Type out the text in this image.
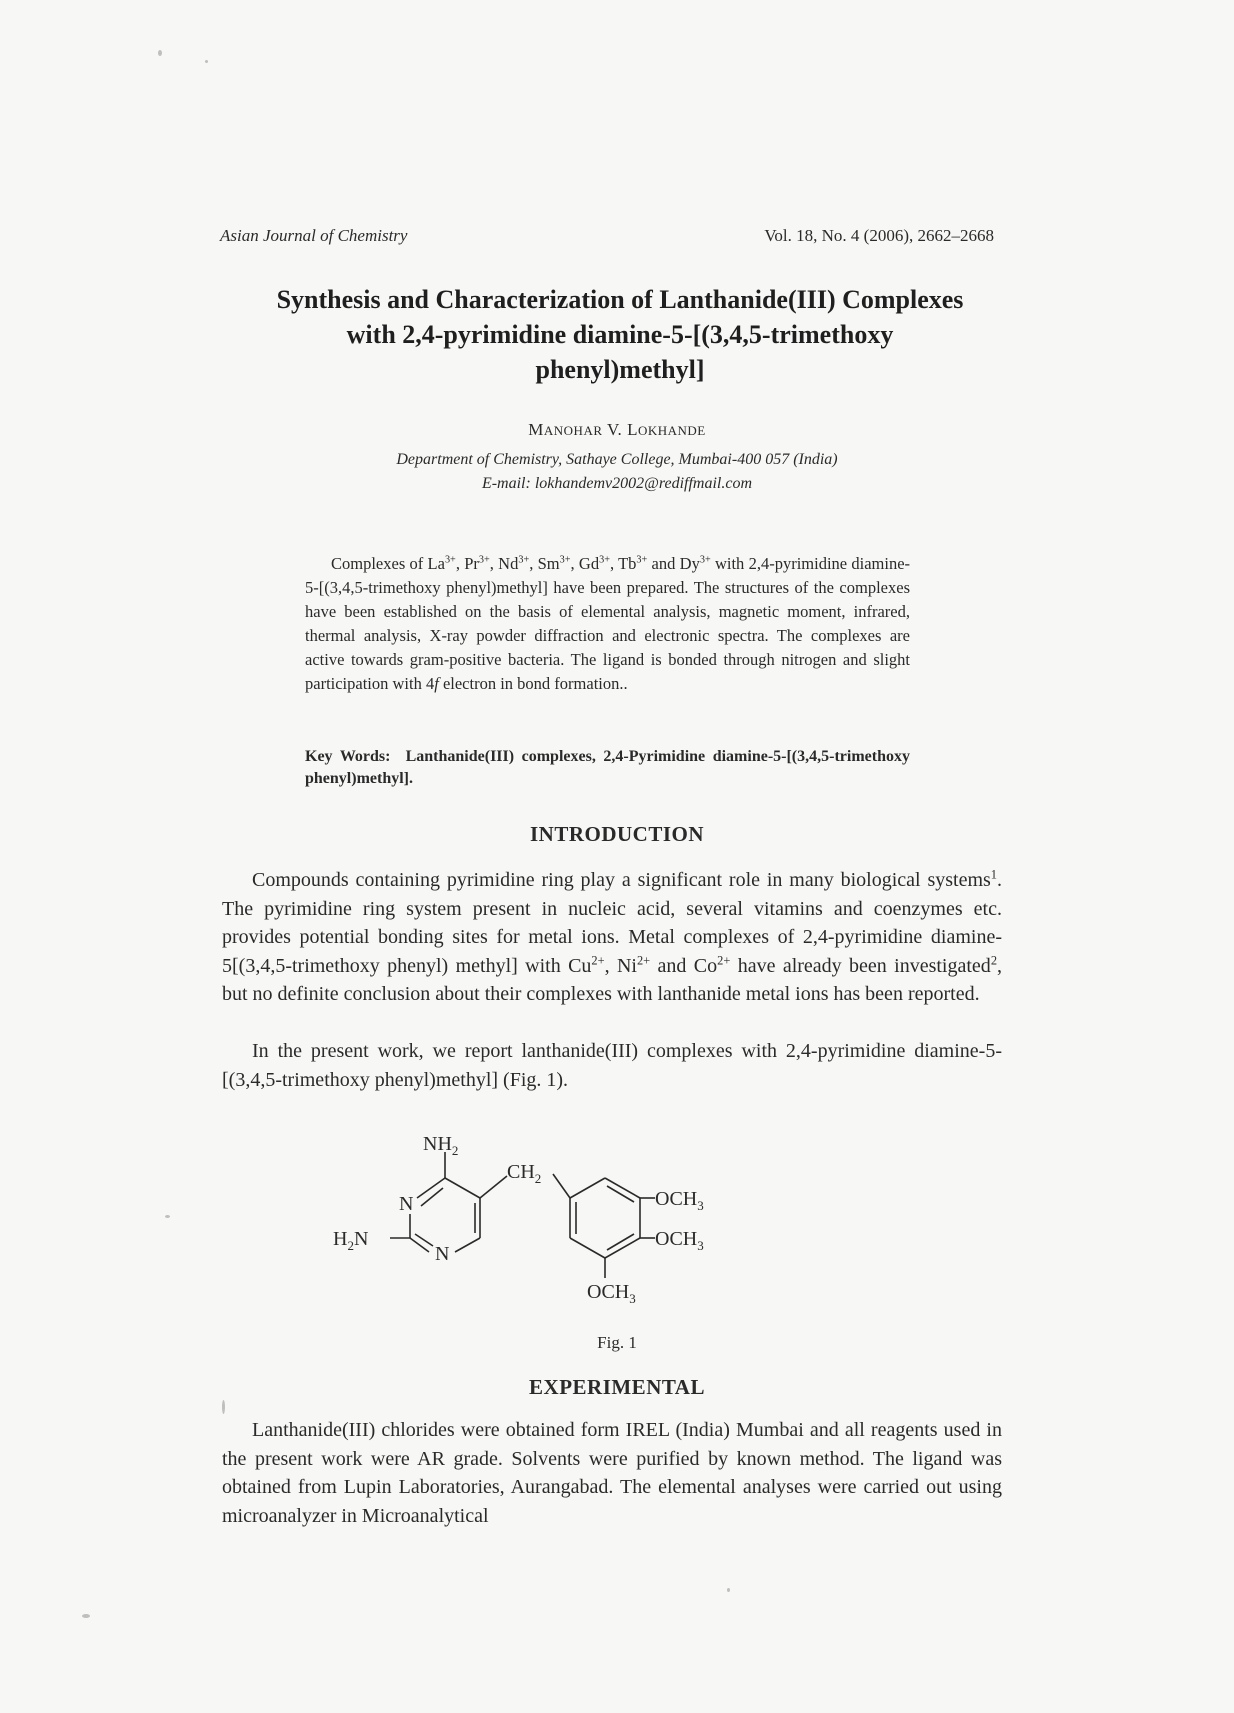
Asian Journal of Chemistry	Vol. 18, No. 4 (2006), 2662–2668
Synthesis and Characterization of Lanthanide(III) Complexes
with 2,4-pyrimidine diamine-5-[(3,4,5-trimethoxy
phenyl)methyl]
MANOHAR V. LOKHANDE
Department of Chemistry, Sathaye College, Mumbai-400 057 (India)
E-mail: lokhandemv2002@rediffmail.com
Complexes of $La^{3+}$, $Pr^{3+}$, $Nd^{3+}$, $Sm^{3+}$, $Gd^{3+}$, $Tb^{3+}$ and $Dy^{3+}$ with 2,4-pyrimidine diamine-5-[(3,4,5-trimethoxy phenyl)methyl] have been prepared. The structures of the complexes have been established on the basis of elemental analysis, magnetic moment, infrared, thermal analysis, X-ray powder diffraction and electronic spectra. The complexes are active towards gram-positive bacteria. The ligand is bonded through nitrogen and slight participation with 4f electron in bond formation..
Key Words: Lanthanide(III) complexes, 2,4-Pyrimidine diamine-5-[(3,4,5-trimethoxy phenyl)methyl].
INTRODUCTION
Compounds containing pyrimidine ring play a significant role in many biological systems$^1$. The pyrimidine ring system present in nucleic acid, several vitamins and coenzymes etc. provides potential bonding sites for metal ions. Metal complexes of 2,4-pyrimidine diamine-5[(3,4,5-trimethoxy phenyl) methyl] with $Cu^{2+}$, $Ni^{2+}$ and $Co^{2+}$ have already been investigated$^2$, but no definite conclusion about their complexes with lanthanide metal ions has been reported.
In the present work, we report lanthanide(III) complexes with 2,4-pyrimidine diamine-5-[(3,4,5-trimethoxy phenyl)methyl] (Fig. 1).
$NH_2$
$H_2N$
N
N
$CH_2$
$OCH_3$
$OCH_3$
$OCH_3$
Fig. 1
EXPERIMENTAL
Lanthanide(III) chlorides were obtained form IREL (India) Mumbai and all reagents used in the present work were AR grade. Solvents were purified by known method. The ligand was obtained from Lupin Laboratories, Aurangabad. The elemental analyses were carried out using microanalyzer in Microanalytical
